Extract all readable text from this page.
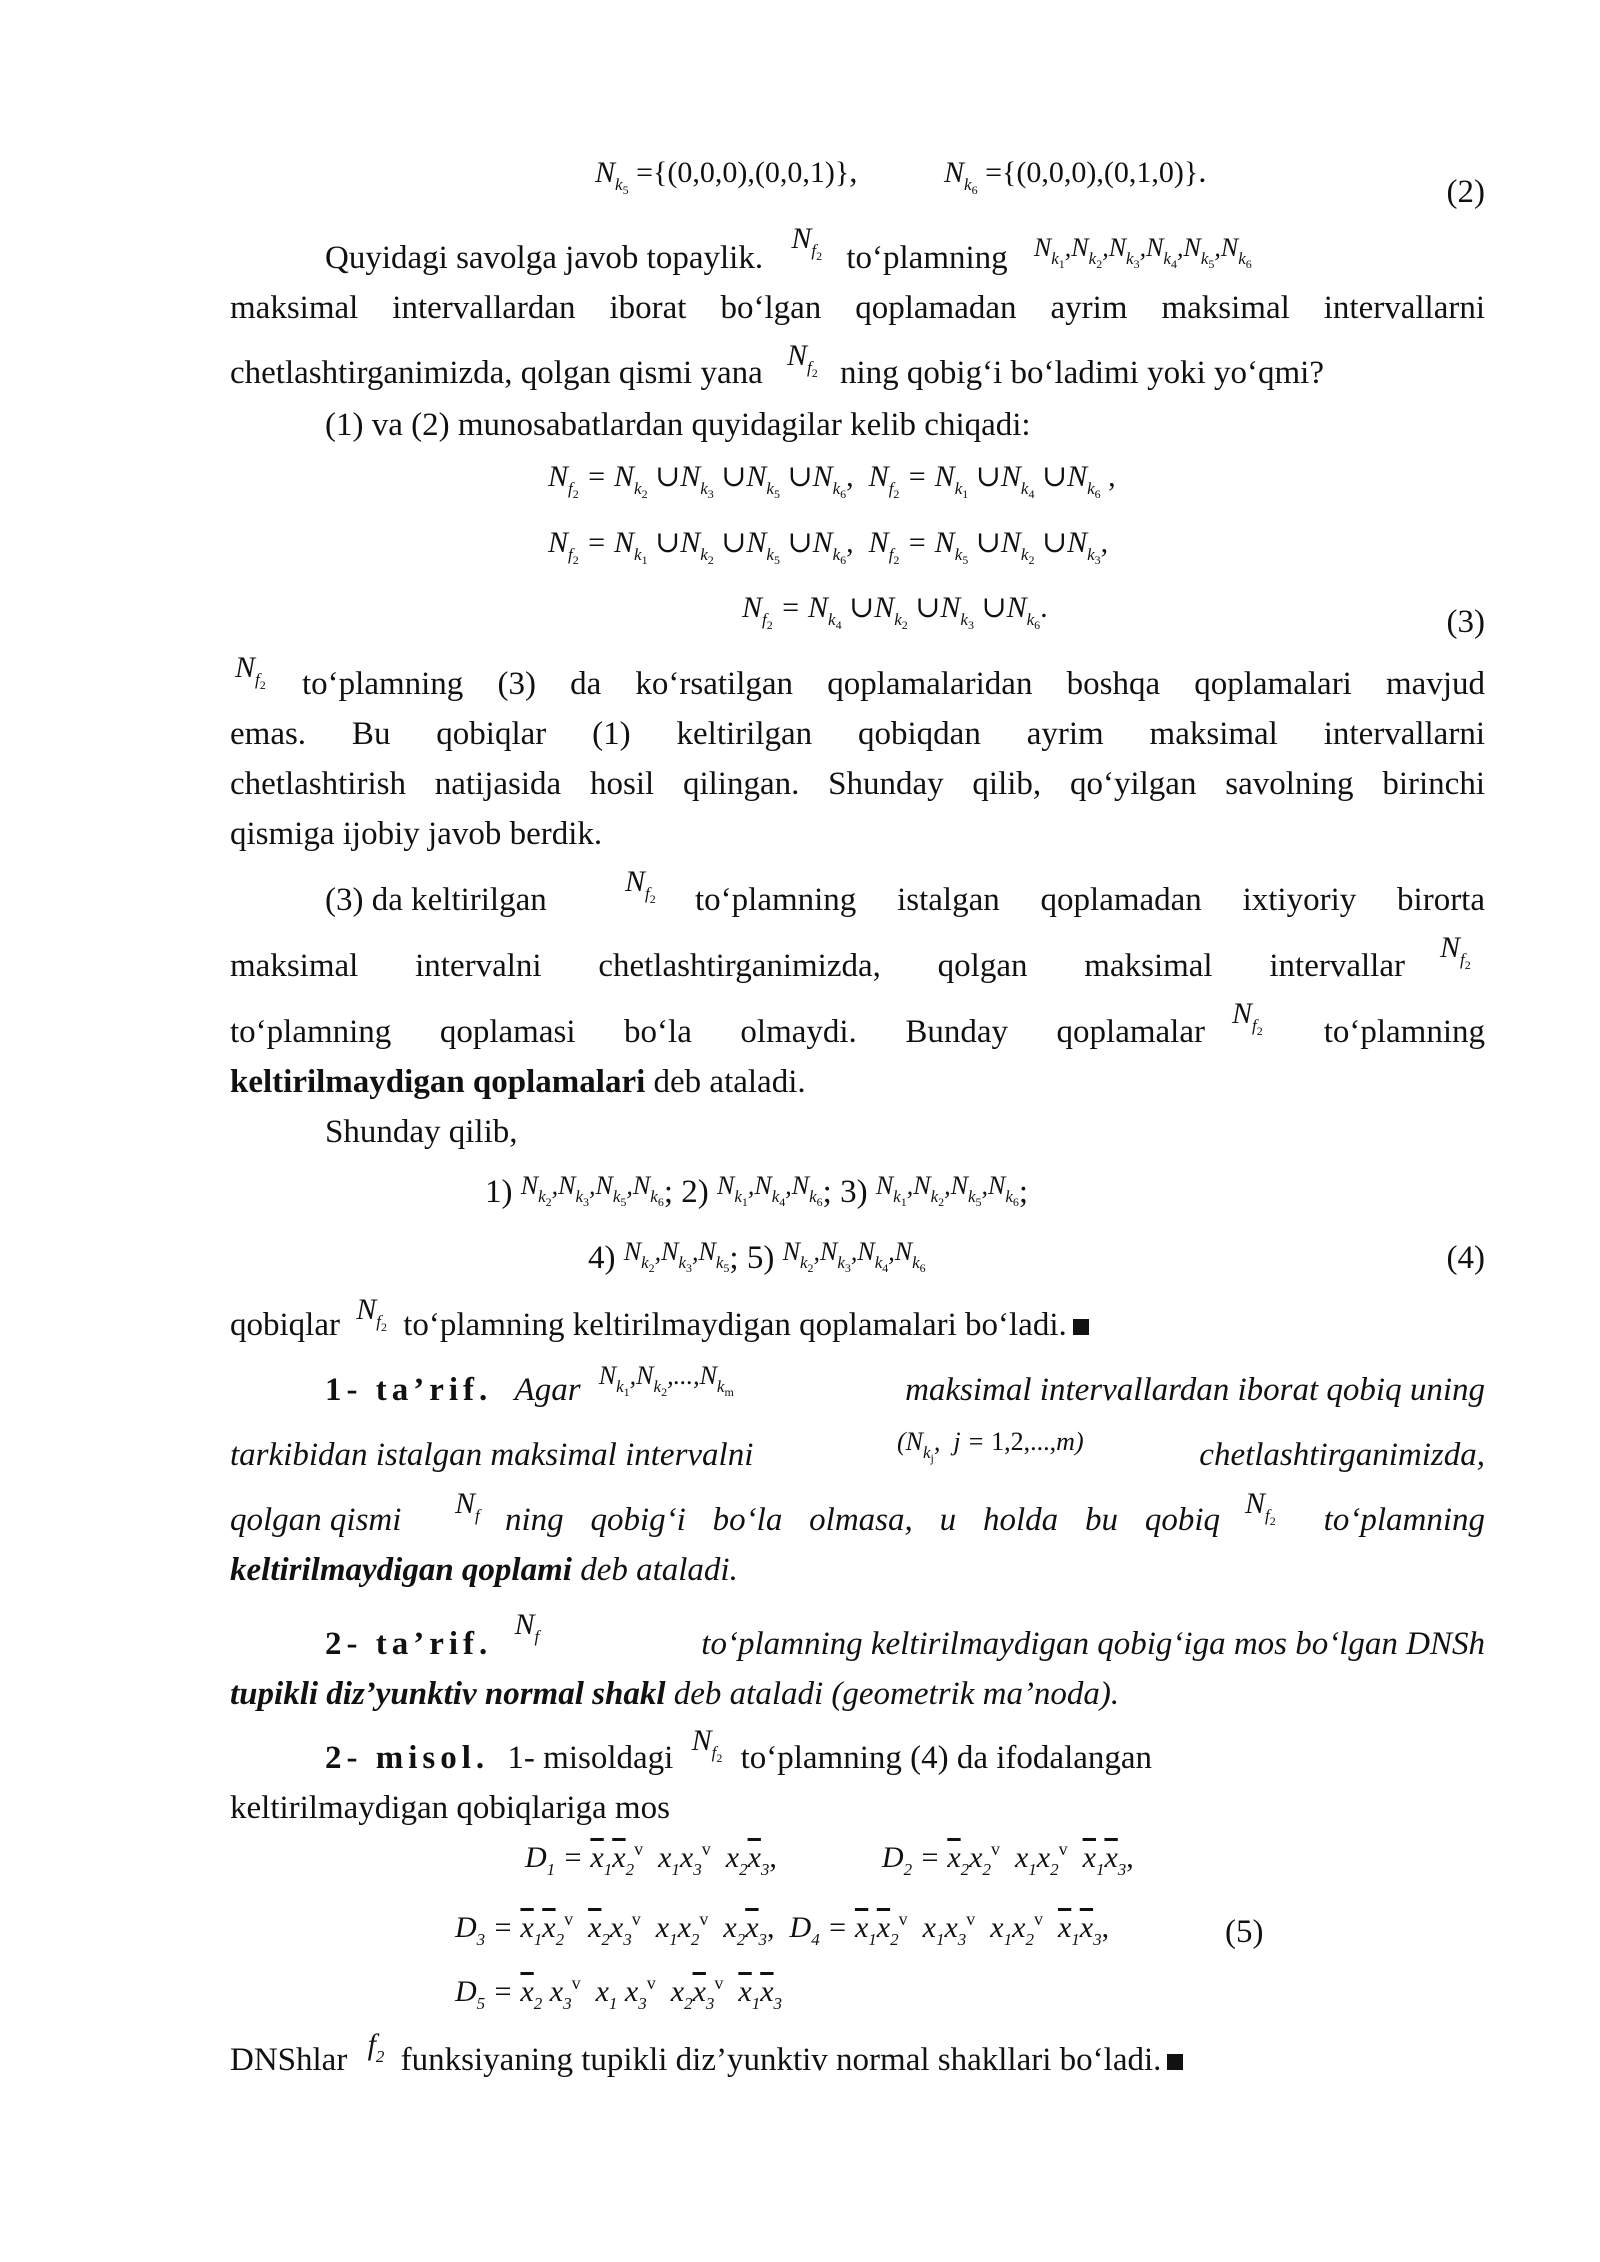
$N_{k_5} =\{(0,0,0),(0,0,1)\}$,	$N_{k_6} =\{(0,0,0),(0,1,0)\}$.
(2)
Quyidagi savolga javob topaylik. $N_{f_2}$ to‘plamning $^{N_{k_1},N_{k_2},N_{k_3},N_{k_4},N_{k_5},N_{k_6}}$
maksimal intervallardan iborat bo‘lgan qoplamadan ayrim maksimal intervallarni
chetlashtirganimizda, qolgan qismi yana $N_{f_2}$ ning qobig‘i bo‘ladimi yoki yo‘qmi?
(1) va (2) munosabatlardan quyidagilar kelib chiqadi:
$N_{f_2} = N_{k_2}$ $\cup N_{k_3}$ $\cup N_{k_5}$ $\cup N_{k_6}$,  $N_{f_2} = N_{k_1}$ $\cup N_{k_4}$ $\cup N_{k_6}$ ,
$N_{f_2} = N_{k_1}$ $\cup N_{k_2}$ $\cup N_{k_5}$ $\cup N_{k_6}$,  $N_{f_2} = N_{k_5}$ $\cup N_{k_2}$ $\cup N_{k_3}$,
$N_{f_2} = N_{k_4}$ $\cup N_{k_2}$ $\cup N_{k_3}$ $\cup N_{k_6}$.	(3)
$N_{f_2}$ to‘plamning (3) da ko‘rsatilgan qoplamalaridan boshqa qoplamalari mavjud
emas. Bu qobiqlar (1) keltirilgan qobiqdan ayrim maksimal intervallarni
chetlashtirish natijasida hosil qilingan. Shunday qilib, qo‘yilgan savolning birinchi
qismiga ijobiy javob berdik.
(3) da keltirilgan
$N_{f_2}$ to‘plamning istalgan qoplamadan ixtiyoriy birorta
maksimal intervalni chetlashtirganimizda, qolgan maksimal intervallar
$N_{f_2}$
to‘plamning qoplamasi bo‘la olmaydi. Bunday qoplamalar
$N_{f_2}$ to‘plamning
keltirilmaydigan qoplamalari deb ataladi.
Shunday qilib,
1) $^{N_{k_2},N_{k_3},N_{k_5},N_{k_6}}$; 2) $^{N_{k_1},N_{k_4},N_{k_6}}$; 3) $^{N_{k_1},N_{k_2},N_{k_5},N_{k_6}}$;
4) $^{N_{k_2},N_{k_3},N_{k_5}}$; 5) $^{N_{k_2},N_{k_3},N_{k_4},N_{k_6}}$	(4)
qobiqlar $N_{f_2}$ to‘plamning keltirilmaydigan qoplamalari bo‘ladi.
1- ta’rif. Agar $^{N_{k_1},N_{k_2},...,N_{k_m}}$	maksimal intervallardan iborat qobiq uning
tarkibidan istalgan maksimal intervalni	($N_{k_j}$,  j = 1,2,...,m)	chetlashtirganimizda,
qolgan qismi $N_f$ ning qobig‘i bo‘la olmasa, u holda bu qobiq $N_{f_2}$ to‘plamning
keltirilmaydigan qoplami deb ataladi.
2- ta’rif. $N_f$	to‘plamning keltirilmaydigan qobig‘iga mos bo‘lgan DNSh
tupikli diz’yunktiv normal shakl deb ataladi (geometrik ma’noda).
2- misol. 1- misoldagi $N_{f_2}$ to‘plamning (4) da ifodalangan
keltirilmaydigan qobiqlariga mos
$D_1 = \overline{x}_1\overline{x}_2^v$  $x_1x_3^v$  $x_2\overline{x}_3$,	$D_2 = \overline{x}_2x_2^v$  $x_1x_2^v$ $\overline{x}_1\overline{x}_3$,
$D_3 = \overline{x}_1\overline{x}_2^v$ $\overline{x}_2x_3^v$  $x_1x_2^v$  $x_2\overline{x}_3$,  $D_4 = \overline{x}_1\overline{x}_2^v$  $x_1x_3^v$  $x_1x_2^v$ $\overline{x}_1\overline{x}_3$,	(5)
$D_5 = \overline{x}_2$ $x_3^v$  $x_1$ $x_3^v$  $x_2\overline{x}_3^v$ $\overline{x}_1\overline{x}_3$
DNShlar $f_2$ funksiyaning tupikli diz’yunktiv normal shakllari bo‘ladi.
